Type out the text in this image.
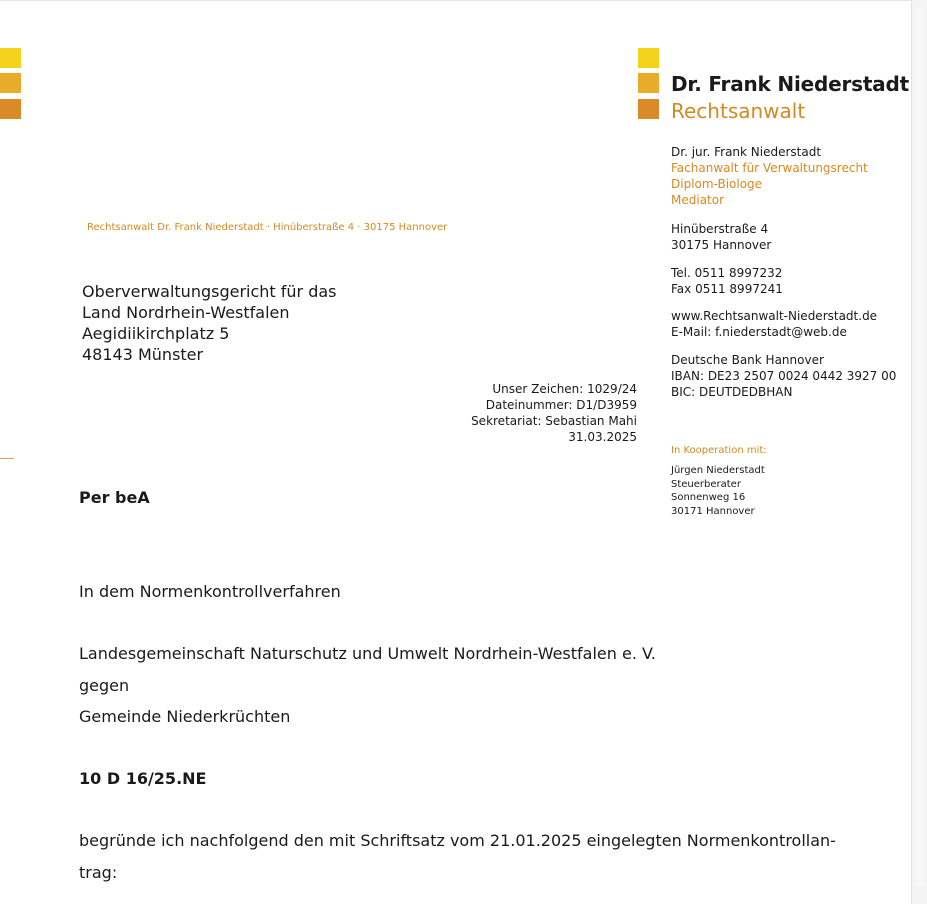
Dr. Frank Niederstadt
Rechtsanwalt
Dr. jur. Frank Niederstadt
Fachanwalt für Verwaltungsrecht
Diplom-Biologe
Mediator
Hinüberstraße 4
30175 Hannover
Tel. 0511 8997232
Fax 0511 8997241
www.Rechtsanwalt-Niederstadt.de
E-Mail: f.niederstadt@web.de
Deutsche Bank Hannover
IBAN: DE23 2507 0024 0442 3927 00
BIC: DEUTDEDBHAN
In Kooperation mit:
Jürgen Niederstadt
Steuerberater
Sonnenweg 16
30171 Hannover
Rechtsanwalt Dr. Frank Niederstadt · Hinüberstraße 4 · 30175 Hannover
Oberverwaltungsgericht für das
Land Nordrhein-Westfalen
Aegidiikirchplatz 5
48143 Münster
Unser Zeichen: 1029/24
Dateinummer: D1/D3959
Sekretariat: Sebastian Mahi
31.03.2025
Per beA
In dem Normenkontrollverfahren
Landesgemeinschaft Naturschutz und Umwelt Nordrhein-Westfalen e. V.
gegen
Gemeinde Niederkrüchten
10 D 16/25.NE
begründe ich nachfolgend den mit Schriftsatz vom 21.01.2025 eingelegten Normenkontrollan-
trag:
